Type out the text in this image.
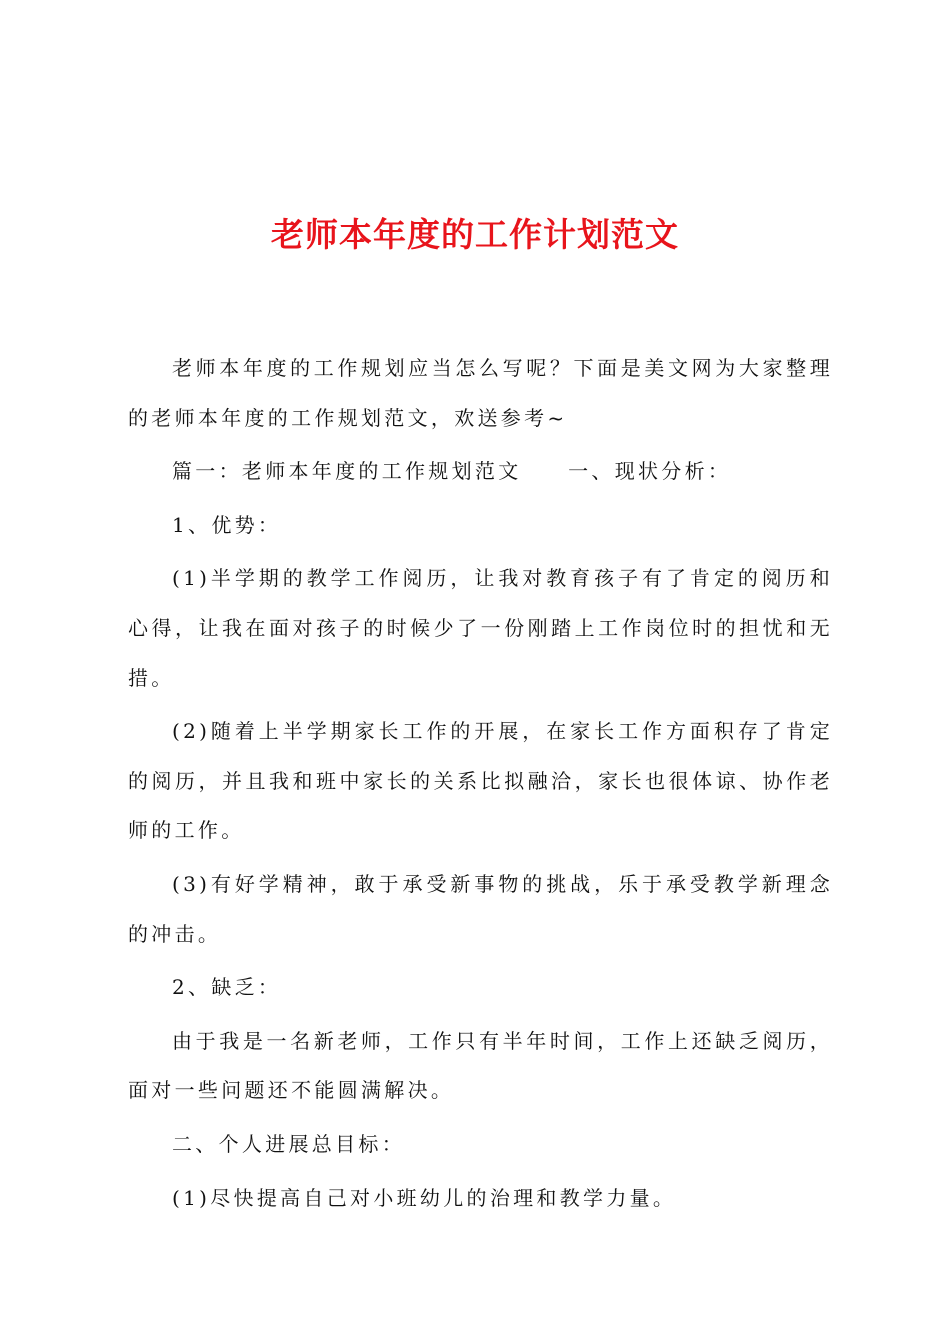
老师本年度的工作计划范文

老师本年度的工作规划应当怎么写呢？下面是美文网为大家整理的老师本年度的工作规划范文，欢送参考~

篇一：老师本年度的工作规划范文　　一、现状分析：

1、优势：

(1)半学期的教学工作阅历，让我对教育孩子有了肯定的阅历和心得，让我在面对孩子的时候少了一份刚踏上工作岗位时的担忧和无措。

(2)随着上半学期家长工作的开展，在家长工作方面积存了肯定的阅历，并且我和班中家长的关系比拟融洽，家长也很体谅、协作老师的工作。

(3)有好学精神，敢于承受新事物的挑战，乐于承受教学新理念的冲击。

2、缺乏：

由于我是一名新老师，工作只有半年时间，工作上还缺乏阅历，面对一些问题还不能圆满解决。

二、个人进展总目标：

(1)尽快提高自己对小班幼儿的治理和教学力量。
